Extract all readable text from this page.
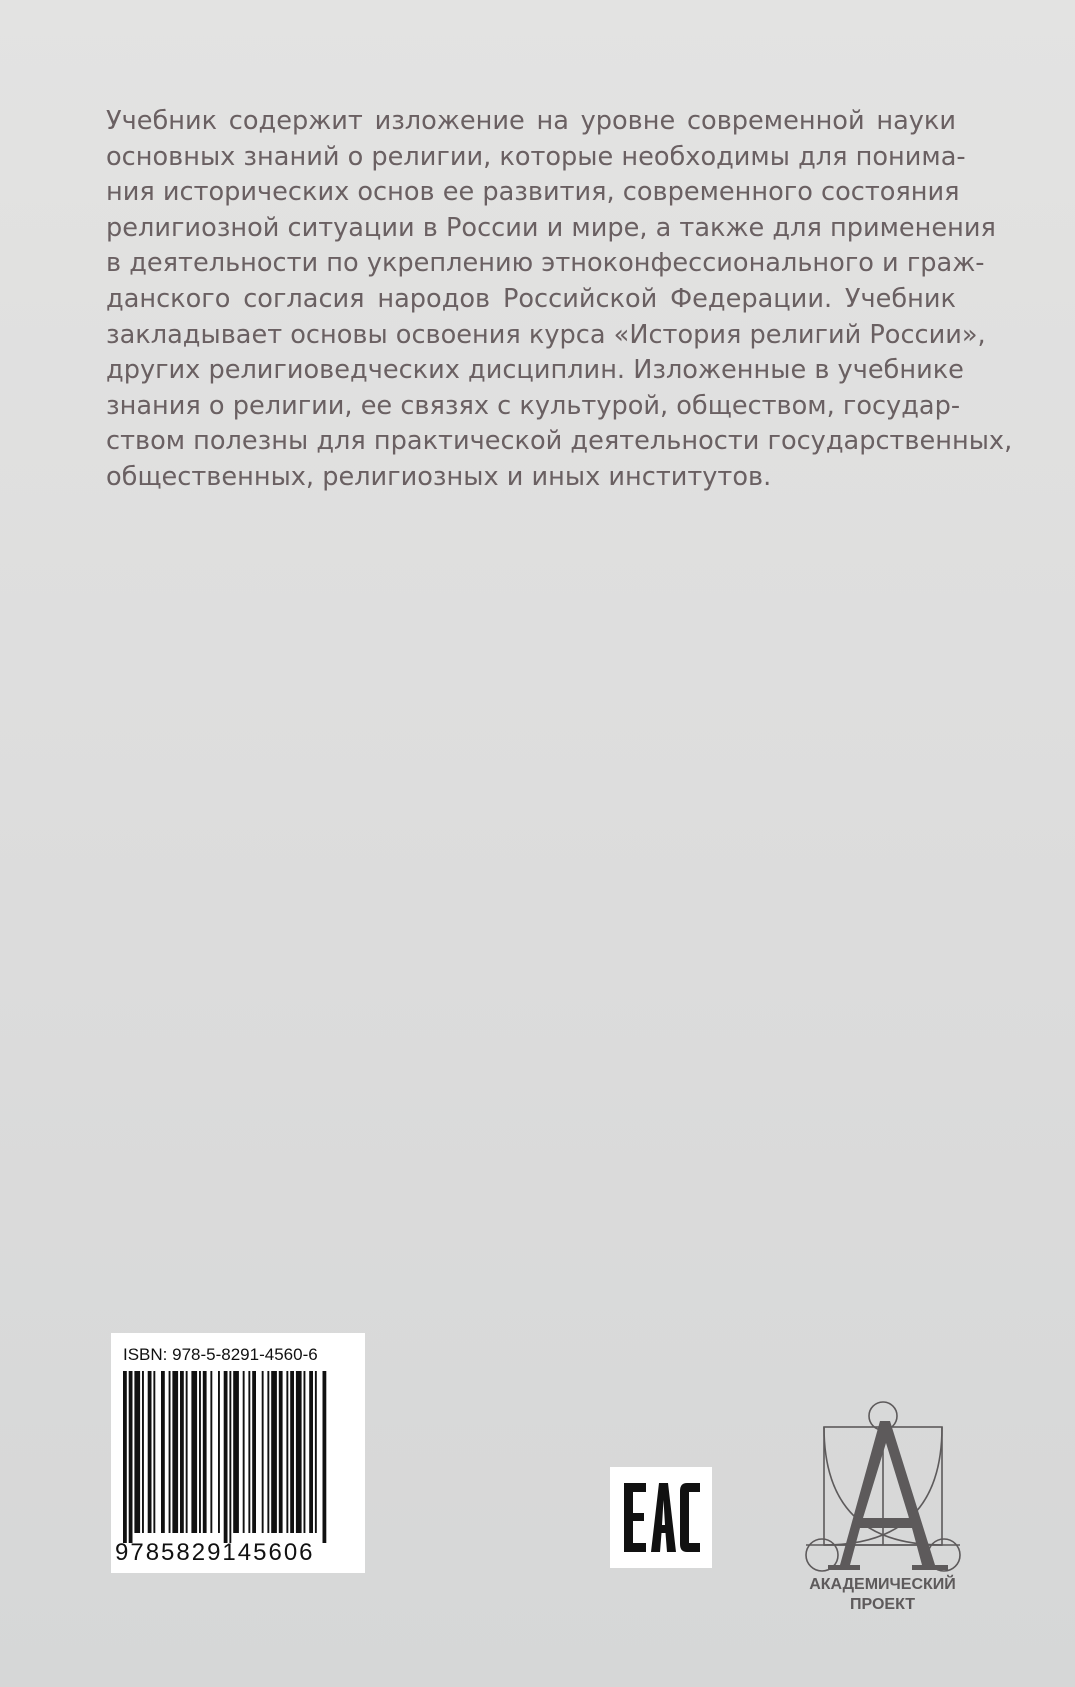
Учебник содержит изложение на уровне современной науки
основных знаний о религии, которые необходимы для понима-
ния исторических основ ее развития, современного состояния
религиозной ситуации в России и мире, а также для применения
в деятельности по укреплению этноконфессионального и граж-
данского согласия народов Российской Федерации. Учебник
закладывает основы освоения курса «История религий России»,
других религиоведческих дисциплин. Изложенные в учебнике
знания о религии, ее связях с культурой, обществом, государ-
ством полезны для практической деятельности государственных,
общественных, религиозных и иных институтов.
ISBN: 978-5-8291-4560-6
9785829145606
АКАДЕМИЧЕСКИЙ
ПРОЕКТ
